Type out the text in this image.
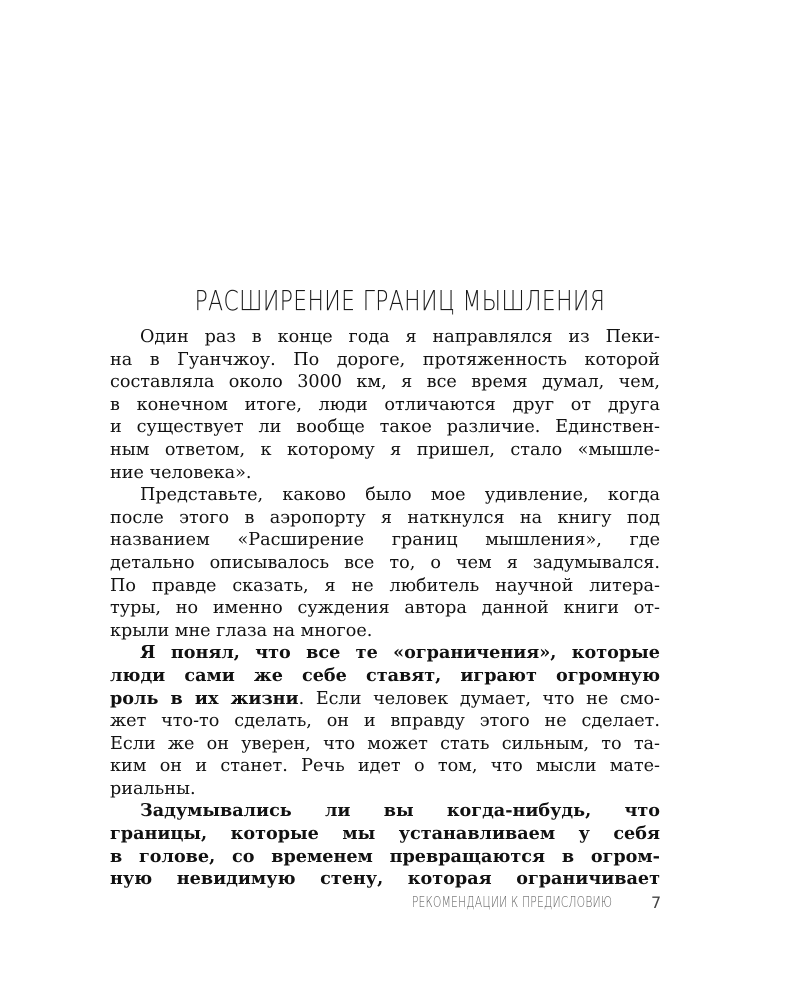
РАСШИРЕНИЕ ГРАНИЦ МЫШЛЕНИЯ

Один раз в конце года я направлялся из Пеки-
на в Гуанчжоу. По дороге, протяженность которой
составляла около 3000 км, я все время думал, чем,
в конечном итоге, люди отличаются друг от друга
и существует ли вообще такое различие. Единствен-
ным ответом, к которому я пришел, стало «мышле-
ние человека».

Представьте, каково было мое удивление, когда
после этого в аэропорту я наткнулся на книгу под
названием «Расширение границ мышления», где
детально описывалось все то, о чем я задумывался.
По правде сказать, я не любитель научной литера-
туры, но именно суждения автора данной книги от-
крыли мне глаза на многое.

Я понял, что все те «ограничения», которые
люди сами же себе ставят, играют огромную
роль в их жизни. Если человек думает, что не смо-
жет что-то сделать, он и вправду этого не сделает.
Если же он уверен, что может стать сильным, то та-
ким он и станет. Речь идет о том, что мысли мате-
риальны.

Задумывались ли вы когда-нибудь, что
границы, которые мы устанавливаем у себя
в голове, со временем превращаются в огром-
ную невидимую стену, которая ограничивает

РЕКОМЕНДАЦИИ К ПРЕДИСЛОВИЮ 7
